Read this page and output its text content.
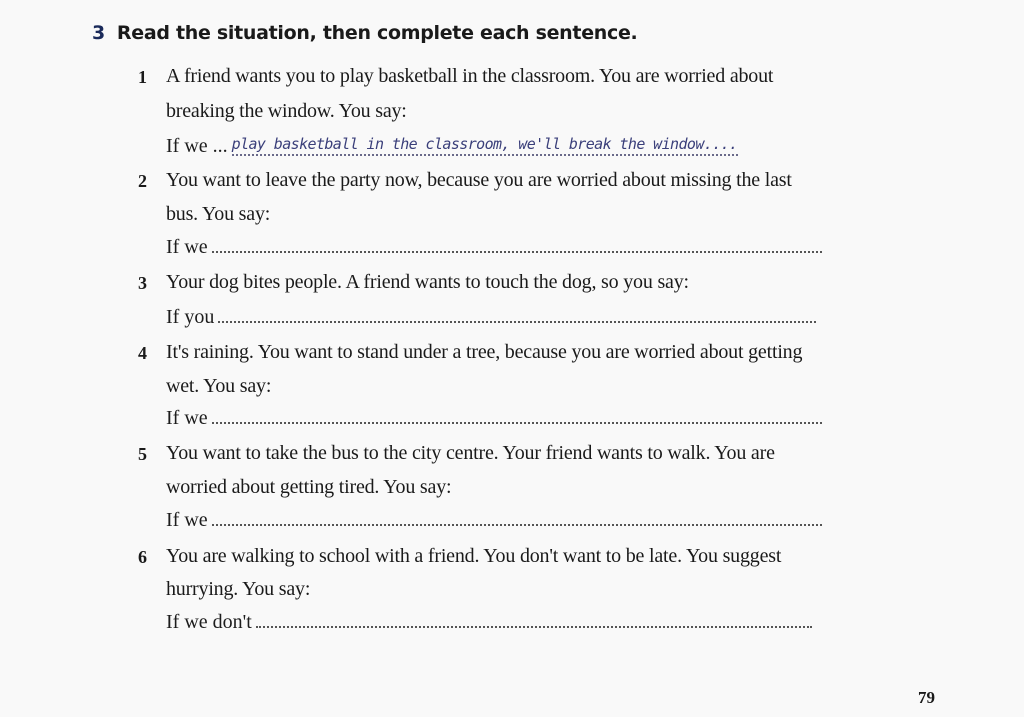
3 Read the situation, then complete each sentence.
1 A friend wants you to play basketball in the classroom. You are worried about
breaking the window. You say:
If we ... play basketball in the classroom, we'll break the window....
2 You want to leave the party now, because you are worried about missing the last
bus. You say:
If we
3 Your dog bites people. A friend wants to touch the dog, so you say:
If you
4 It's raining. You want to stand under a tree, because you are worried about getting
wet. You say:
If we
5 You want to take the bus to the city centre. Your friend wants to walk. You are
worried about getting tired. You say:
If we
6 You are walking to school with a friend. You don't want to be late. You suggest
hurrying. You say:
If we don't
79
